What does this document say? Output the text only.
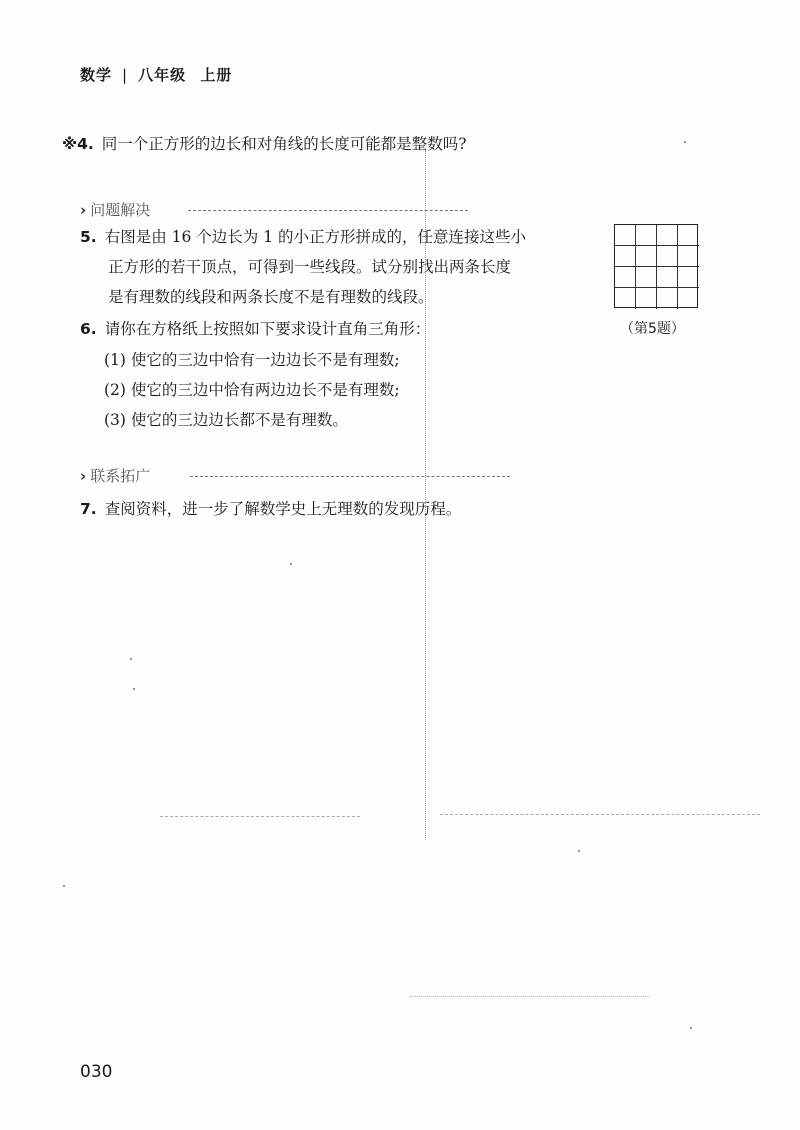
数学 | 八年级 上册
※4. 同一个正方形的边长和对角线的长度可能都是整数吗?
› 问题解决
5. 右图是由 16 个边长为 1 的小正方形拼成的，任意连接这些小
正方形的若干顶点，可得到一些线段。试分别找出两条长度
是有理数的线段和两条长度不是有理数的线段。
（第5题）
6. 请你在方格纸上按照如下要求设计直角三角形：
(1) 使它的三边中恰有一边边长不是有理数;
(2) 使它的三边中恰有两边边长不是有理数;
(3) 使它的三边边长都不是有理数。
› 联系拓广
7. 查阅资料，进一步了解数学史上无理数的发现历程。
030
